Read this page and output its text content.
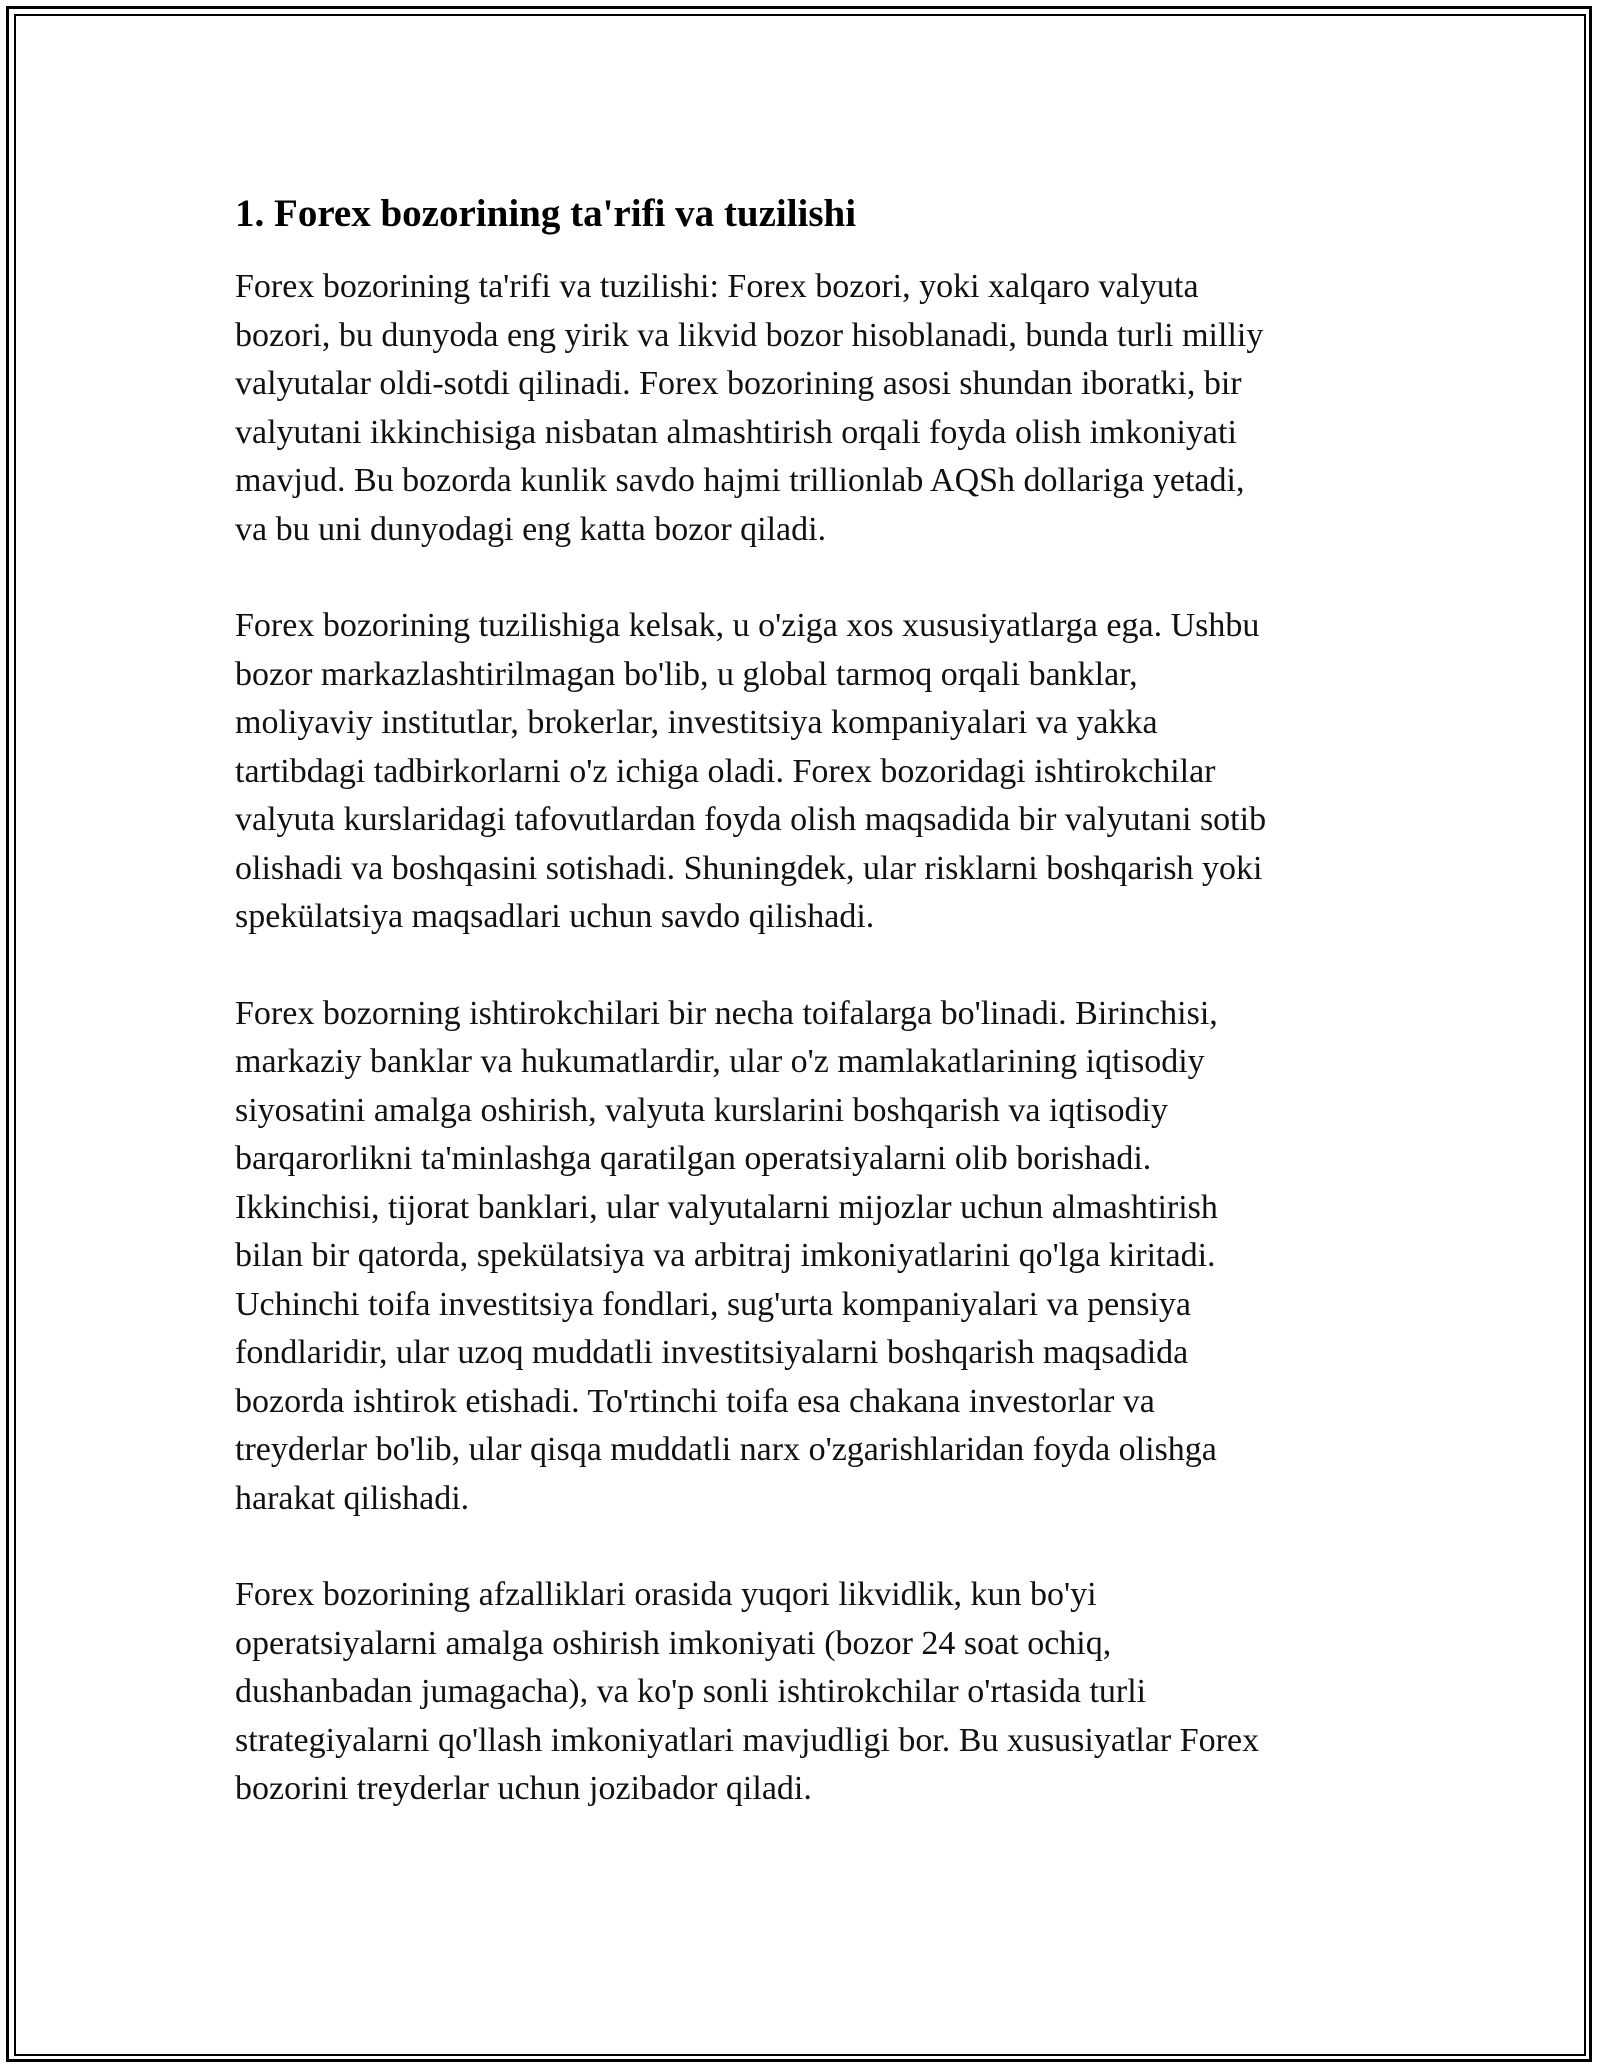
1. Forex bozorining ta'rifi va tuzilishi

Forex bozorining ta'rifi va tuzilishi: Forex bozori, yoki xalqaro valyuta
bozori, bu dunyoda eng yirik va likvid bozor hisoblanadi, bunda turli milliy
valyutalar oldi-sotdi qilinadi. Forex bozorining asosi shundan iboratki, bir
valyutani ikkinchisiga nisbatan almashtirish orqali foyda olish imkoniyati
mavjud. Bu bozorda kunlik savdo hajmi trillionlab AQSh dollariga yetadi,
va bu uni dunyodagi eng katta bozor qiladi.

Forex bozorining tuzilishiga kelsak, u o'ziga xos xususiyatlarga ega. Ushbu
bozor markazlashtirilmagan bo'lib, u global tarmoq orqali banklar,
moliyaviy institutlar, brokerlar, investitsiya kompaniyalari va yakka
tartibdagi tadbirkorlarni o'z ichiga oladi. Forex bozoridagi ishtirokchilar
valyuta kurslaridagi tafovutlardan foyda olish maqsadida bir valyutani sotib
olishadi va boshqasini sotishadi. Shuningdek, ular risklarni boshqarish yoki
spekülatsiya maqsadlari uchun savdo qilishadi.

Forex bozorning ishtirokchilari bir necha toifalarga bo'linadi. Birinchisi,
markaziy banklar va hukumatlardir, ular o'z mamlakatlarining iqtisodiy
siyosatini amalga oshirish, valyuta kurslarini boshqarish va iqtisodiy
barqarorlikni ta'minlashga qaratilgan operatsiyalarni olib borishadi.
Ikkinchisi, tijorat banklari, ular valyutalarni mijozlar uchun almashtirish
bilan bir qatorda, spekülatsiya va arbitraj imkoniyatlarini qo'lga kiritadi.
Uchinchi toifa investitsiya fondlari, sug'urta kompaniyalari va pensiya
fondlaridir, ular uzoq muddatli investitsiyalarni boshqarish maqsadida
bozorda ishtirok etishadi. To'rtinchi toifa esa chakana investorlar va
treyderlar bo'lib, ular qisqa muddatli narx o'zgarishlaridan foyda olishga
harakat qilishadi.

Forex bozorining afzalliklari orasida yuqori likvidlik, kun bo'yi
operatsiyalarni amalga oshirish imkoniyati (bozor 24 soat ochiq,
dushanbadan jumagacha), va ko'p sonli ishtirokchilar o'rtasida turli
strategiyalarni qo'llash imkoniyatlari mavjudligi bor. Bu xususiyatlar Forex
bozorini treyderlar uchun jozibador qiladi.
